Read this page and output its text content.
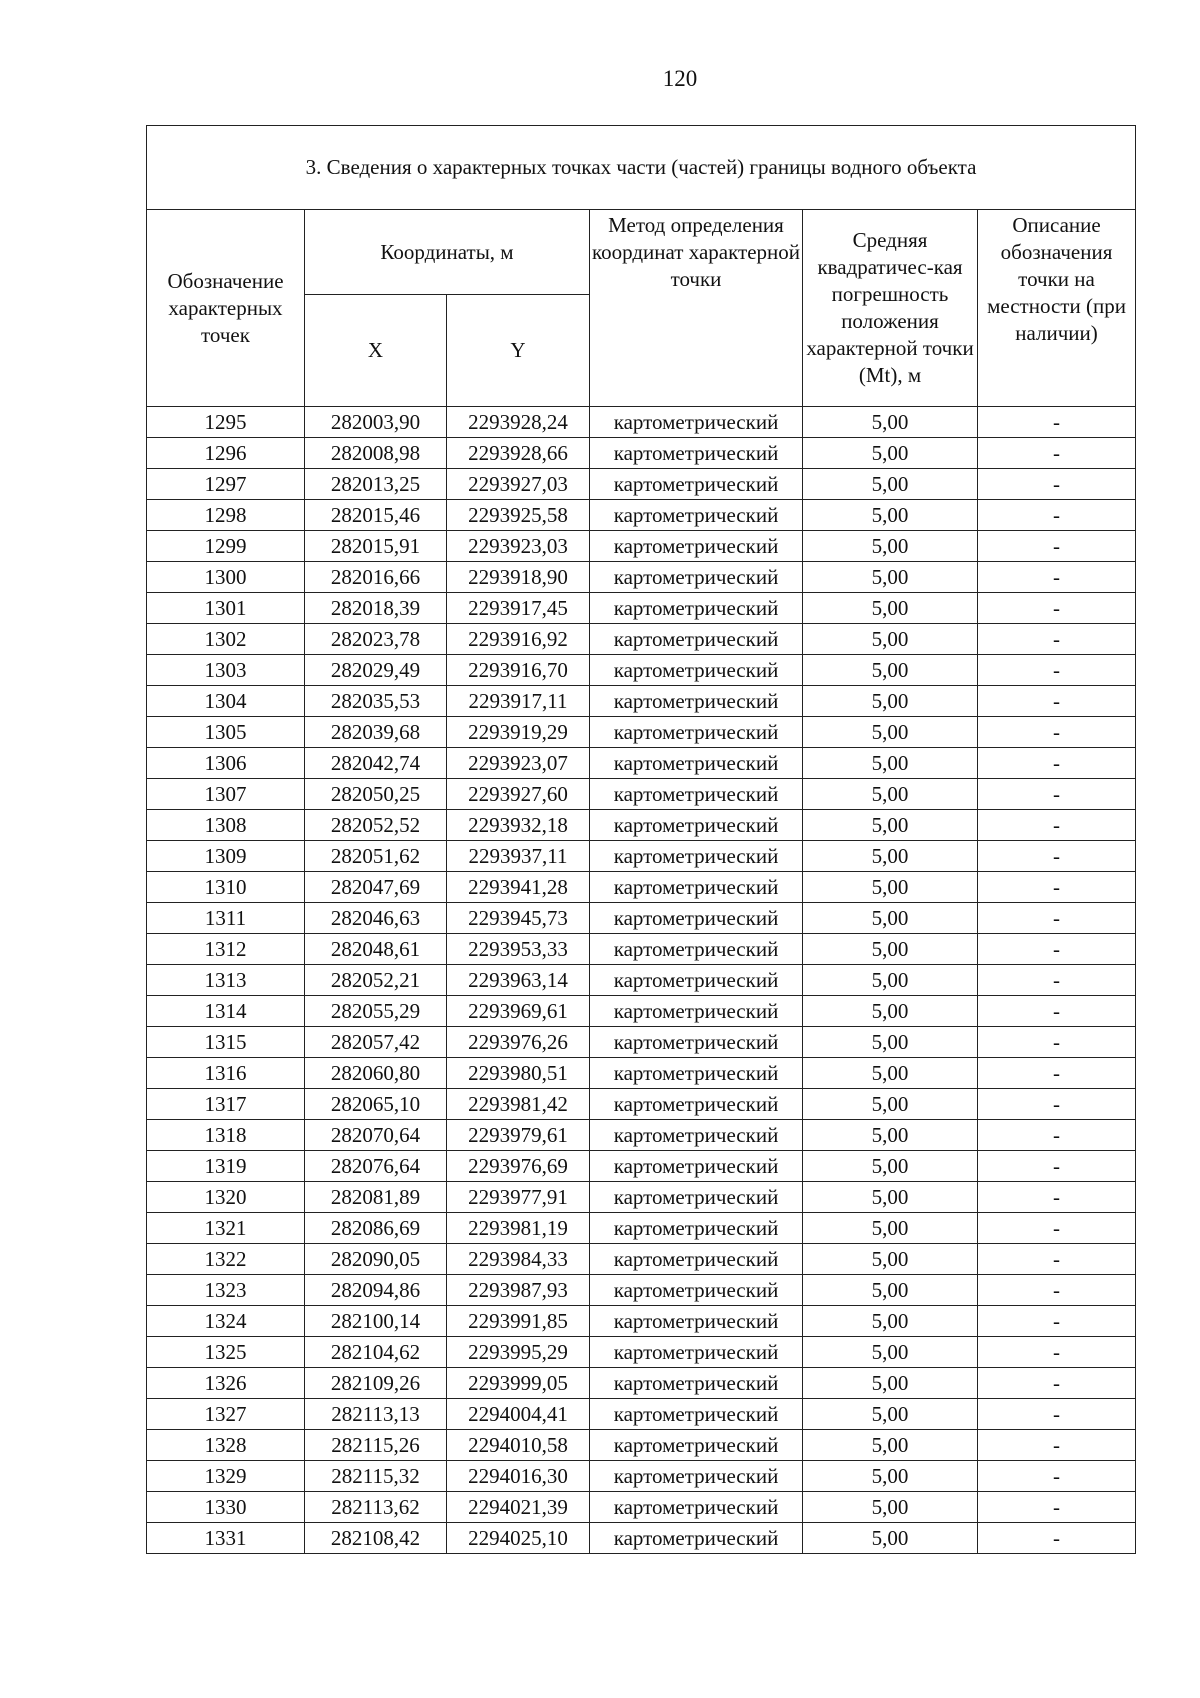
120
3. Сведения о характерных точках части (частей) границы водного объекта					
Обозначение характерных точек	Координаты, м		Метод определения координат характерной точки	Средняя квадратичес-кая погрешность положения характерной точки (Mt), м	Описание обозначения точки на местности (при наличии)
	X	Y			
1295	282003,90	2293928,24	картометрический	5,00	-
1296	282008,98	2293928,66	картометрический	5,00	-
1297	282013,25	2293927,03	картометрический	5,00	-
1298	282015,46	2293925,58	картометрический	5,00	-
1299	282015,91	2293923,03	картометрический	5,00	-
1300	282016,66	2293918,90	картометрический	5,00	-
1301	282018,39	2293917,45	картометрический	5,00	-
1302	282023,78	2293916,92	картометрический	5,00	-
1303	282029,49	2293916,70	картометрический	5,00	-
1304	282035,53	2293917,11	картометрический	5,00	-
1305	282039,68	2293919,29	картометрический	5,00	-
1306	282042,74	2293923,07	картометрический	5,00	-
1307	282050,25	2293927,60	картометрический	5,00	-
1308	282052,52	2293932,18	картометрический	5,00	-
1309	282051,62	2293937,11	картометрический	5,00	-
1310	282047,69	2293941,28	картометрический	5,00	-
1311	282046,63	2293945,73	картометрический	5,00	-
1312	282048,61	2293953,33	картометрический	5,00	-
1313	282052,21	2293963,14	картометрический	5,00	-
1314	282055,29	2293969,61	картометрический	5,00	-
1315	282057,42	2293976,26	картометрический	5,00	-
1316	282060,80	2293980,51	картометрический	5,00	-
1317	282065,10	2293981,42	картометрический	5,00	-
1318	282070,64	2293979,61	картометрический	5,00	-
1319	282076,64	2293976,69	картометрический	5,00	-
1320	282081,89	2293977,91	картометрический	5,00	-
1321	282086,69	2293981,19	картометрический	5,00	-
1322	282090,05	2293984,33	картометрический	5,00	-
1323	282094,86	2293987,93	картометрический	5,00	-
1324	282100,14	2293991,85	картометрический	5,00	-
1325	282104,62	2293995,29	картометрический	5,00	-
1326	282109,26	2293999,05	картометрический	5,00	-
1327	282113,13	2294004,41	картометрический	5,00	-
1328	282115,26	2294010,58	картометрический	5,00	-
1329	282115,32	2294016,30	картометрический	5,00	-
1330	282113,62	2294021,39	картометрический	5,00	-
1331	282108,42	2294025,10	картометрический	5,00	-
